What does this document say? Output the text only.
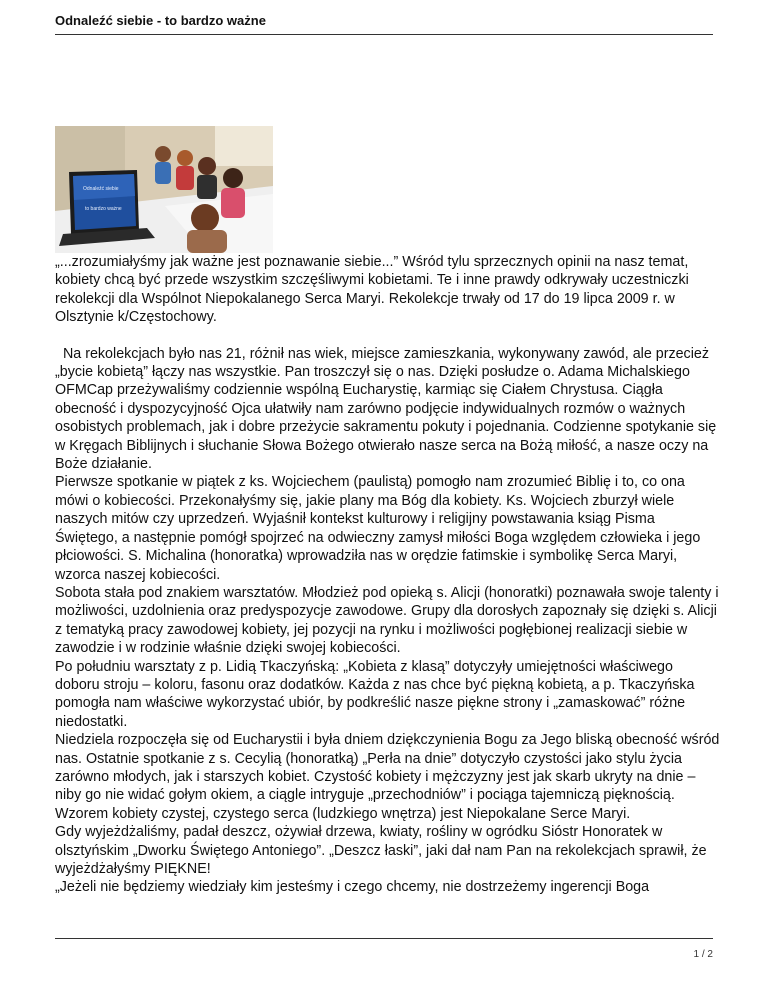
Odnaleźć siebie - to bardzo ważne
Odnaleźć siebie
to bardzo ważne

„...zrozumiałyśmy jak ważne jest poznawanie siebie...” Wśród tylu sprzecznych opinii na nasz temat, kobiety chcą być przede wszystkim szczęśliwymi kobietami. Te i inne prawdy odkrywały uczestniczki rekolekcji dla Wspólnot Niepokalanego Serca Maryi. Rekolekcje trwały od 17 do 19 lipca 2009 r. w Olsztynie k/Częstochowy.

Na rekolekcjach było nas 21, różnił nas wiek, miejsce zamieszkania, wykonywany zawód, ale przecież „bycie kobietą” łączy nas wszystkie. Pan troszczył się o nas. Dzięki posłudze o. Adama Michalskiego OFMCap przeżywaliśmy codziennie wspólną Eucharystię, karmiąc się Ciałem Chrystusa. Ciągła obecność i dyspozycyjność Ojca ułatwiły nam zarówno podjęcie indywidualnych rozmów o ważnych osobistych problemach, jak i dobre przeżycie sakramentu pokuty i pojednania. Codzienne spotykanie się w Kręgach Biblijnych i słuchanie Słowa Bożego otwierało nasze serca na Bożą miłość, a nasze oczy na Boże działanie.

Pierwsze spotkanie w piątek z ks. Wojciechem (paulistą) pomogło nam zrozumieć Biblię i to, co ona mówi o kobiecości. Przekonałyśmy się, jakie plany ma Bóg dla kobiety. Ks. Wojciech zburzył wiele naszych mitów czy uprzedzeń. Wyjaśnił kontekst kulturowy i religijny powstawania ksiąg Pisma Świętego, a następnie pomógł spojrzeć na odwieczny zamysł miłości Boga względem człowieka i jego płciowości. S. Michalina (honoratka) wprowadziła nas w orędzie fatimskie i symbolikę Serca Maryi, wzorca naszej kobiecości.

Sobota stała pod znakiem warsztatów. Młodzież pod opieką s. Alicji (honoratki) poznawała swoje talenty i możliwości, uzdolnienia oraz predyspozycje zawodowe. Grupy dla dorosłych zapoznały się dzięki s. Alicji z tematyką pracy zawodowej kobiety, jej pozycji na rynku i możliwości pogłębionej realizacji siebie w zawodzie i w rodzinie właśnie dzięki swojej kobiecości.

Po południu warsztaty z p. Lidią Tkaczyńską: „Kobieta z klasą” dotyczyły umiejętności właściwego doboru stroju – koloru, fasonu oraz dodatków. Każda z nas chce być piękną kobietą, a p. Tkaczyńska pomogła nam właściwe wykorzystać ubiór, by podkreślić nasze piękne strony i „zamaskować” różne niedostatki.

Niedziela rozpoczęła się od Eucharystii i była dniem dziękczynienia Bogu za Jego bliską obecność wśród nas. Ostatnie spotkanie z s. Cecylią (honoratką) „Perła na dnie” dotyczyło czystości jako stylu życia zarówno młodych, jak i starszych kobiet. Czystość kobiety i mężczyzny jest jak skarb ukryty na dnie – niby go nie widać gołym okiem, a ciągle intryguje „przechodniów” i pociąga tajemniczą pięknością. Wzorem kobiety czystej, czystego serca (ludzkiego wnętrza) jest Niepokalane Serce Maryi.

Gdy wyjeżdżaliśmy, padał deszcz, ożywiał drzewa, kwiaty, rośliny w ogródku Sióstr Honoratek w olsztyńskim „Dworku Świętego Antoniego”. „Deszcz łaski”, jaki dał nam Pan na rekolekcjach sprawił, że wyjeżdżałyśmy PIĘKNE!

„Jeżeli nie będziemy wiedziały kim jesteśmy i czego chcemy, nie dostrzeżemy ingerencji Boga

1 / 2
